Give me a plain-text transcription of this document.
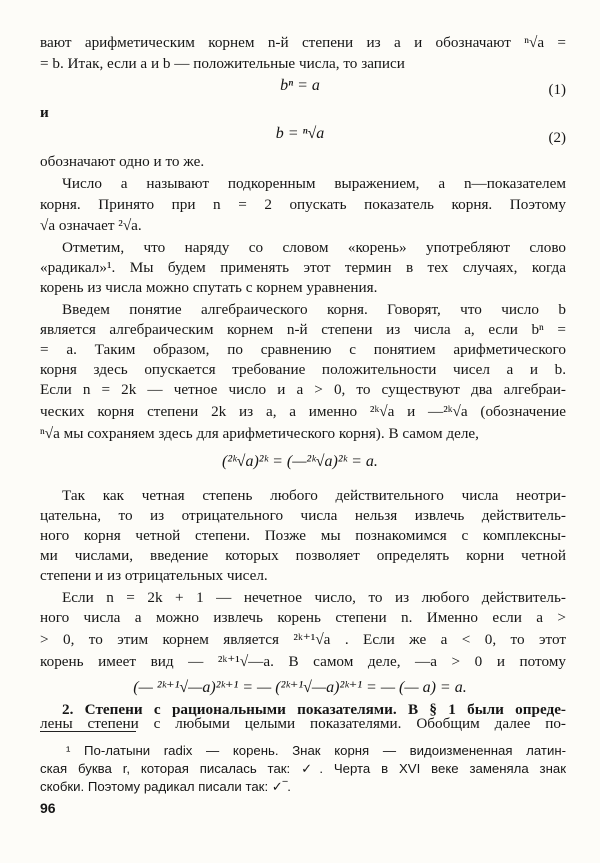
вают арифметическим корнем n-й степени из a и обозначают ⁿ√a =
= b. Итак, если a и b — положительные числа, то записи
bⁿ = a	(1)
и
b = ⁿ√a	(2)
обозначают одно и то же.
Число a называют подкоренным выражением, а n—показателем
корня. Принято при n = 2 опускать показатель корня. Поэтому
√a означает ²√a.
Отметим, что наряду со словом «корень» употребляют слово
«радикал»¹. Мы будем применять этот термин в тех случаях, когда
корень из числа можно спутать с корнем уравнения.
Введем понятие алгебраического корня. Говорят, что число b
является алгебраическим корнем n-й степени из числа a, если bⁿ =
= a. Таким образом, по сравнению с понятием арифметического
корня здесь опускается требование положительности чисел a и b.
Если n = 2k — четное число и a > 0, то существуют два алгебраи-
ческих корня степени 2k из a, а именно ²ᵏ√a и —²ᵏ√a (обозначение
ⁿ√a мы сохраняем здесь для арифметического корня). В самом деле,
(²ᵏ√a)²ᵏ = (—²ᵏ√a)²ᵏ = a.
Так как четная степень любого действительного числа неотри-
цательна, то из отрицательного числа нельзя извлечь действитель-
ного корня четной степени. Позже мы познакомимся с комплексны-
ми числами, введение которых позволяет определять корни четной
степени и из отрицательных чисел.
Если n = 2k + 1 — нечетное число, то из любого действитель-
ного числа a можно извлечь корень степени n. Именно если a >
> 0, то этим корнем является ²ᵏ⁺¹√a . Если же a < 0, то этот
корень имеет вид — ²ᵏ⁺¹√—a. В самом деле, —a > 0 и потому
(— ²ᵏ⁺¹√—a)²ᵏ⁺¹ = — (²ᵏ⁺¹√—a)²ᵏ⁺¹ = — (— a) = a.
2. Степени с рациональными показателями. В § 1 были опреде-
лены степени с любыми целыми показателями. Обобщим далее по-
¹ По-латыни radix — корень. Знак корня — видоизмененная латин-
ская буква r, которая писалась так: ✓. Черта в XVI веке заменяла знак
скобки. Поэтому радикал писали так: ✓‾.
96
